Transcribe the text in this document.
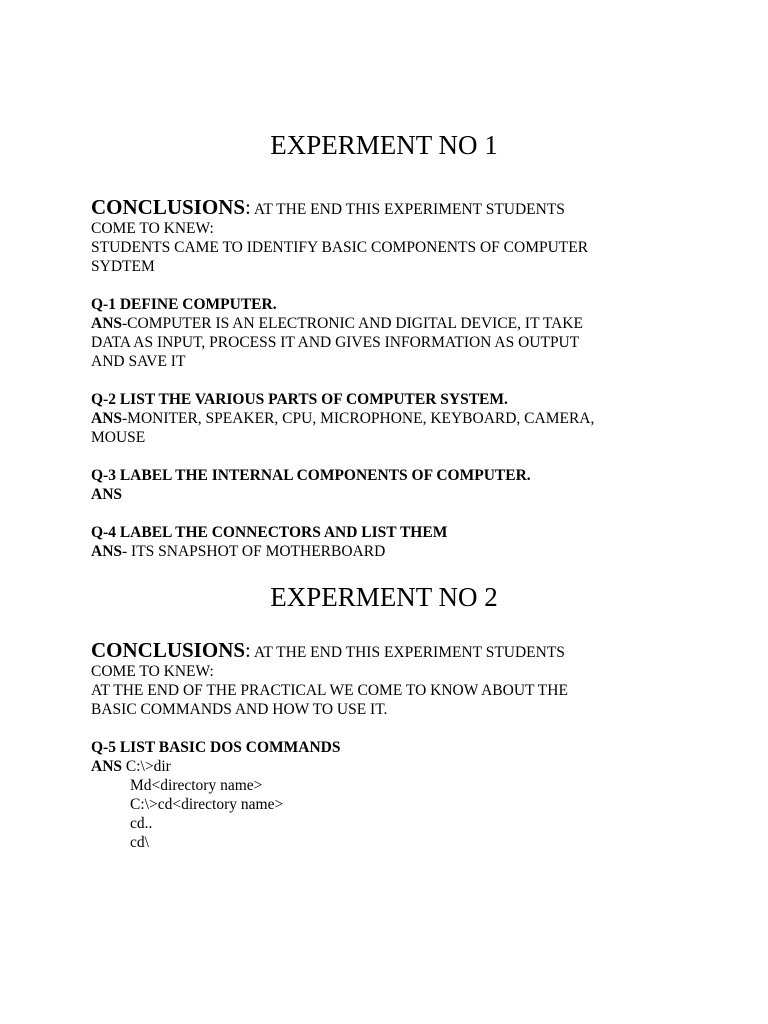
EXPERMENT NO 1
CONCLUSIONS: AT THE END THIS EXPERIMENT STUDENTS
COME TO KNEW:
STUDENTS CAME TO IDENTIFY BASIC COMPONENTS OF COMPUTER
SYDTEM
Q-1 DEFINE COMPUTER.
ANS-COMPUTER IS AN ELECTRONIC AND DIGITAL DEVICE, IT TAKE
DATA AS INPUT, PROCESS IT AND GIVES INFORMATION AS OUTPUT
AND SAVE IT
Q-2 LIST THE VARIOUS PARTS OF COMPUTER SYSTEM.
ANS-MONITER, SPEAKER, CPU, MICROPHONE, KEYBOARD, CAMERA,
MOUSE
Q-3 LABEL THE INTERNAL COMPONENTS OF COMPUTER.
ANS
Q-4 LABEL THE CONNECTORS AND LIST THEM
ANS- ITS SNAPSHOT OF MOTHERBOARD
EXPERMENT NO 2
CONCLUSIONS: AT THE END THIS EXPERIMENT STUDENTS
COME TO KNEW:
AT THE END OF THE PRACTICAL WE COME TO KNOW ABOUT THE
BASIC COMMANDS AND HOW TO USE IT.
Q-5 LIST BASIC DOS COMMANDS
ANS C:\>dir
Md<directory name>
C:\>cd<directory name>
cd..
cd\
